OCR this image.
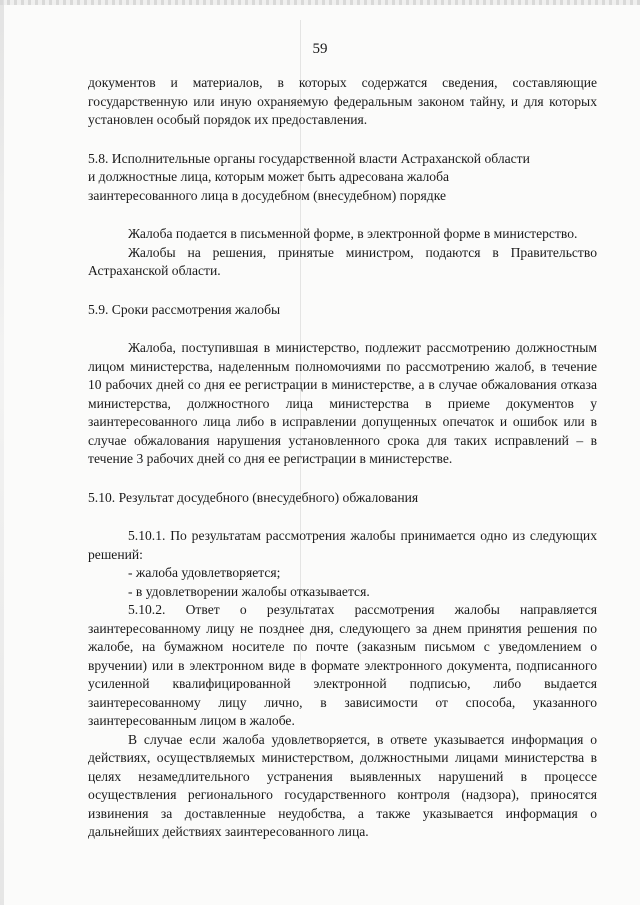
59

документов и материалов, в которых содержатся сведения, составляющие государственную или иную охраняемую федеральным законом тайну, и для которых установлен особый порядок их предоставления.

5.8. Исполнительные органы государственной власти Астраханской области

и должностные лица, которым может быть адресована жалоба

заинтересованного лица в досудебном (внесудебном) порядке

Жалоба подается в письменной форме, в электронной форме в министерство.

Жалобы на решения, принятые министром, подаются в Правительство Астраханской области.

5.9. Сроки рассмотрения жалобы

Жалоба, поступившая в министерство, подлежит рассмотрению должностным лицом министерства, наделенным полномочиями по рассмотрению жалоб, в течение 10 рабочих дней со дня ее регистрации в министерстве, а в случае обжалования отказа министерства, должностного лица министерства в приеме документов у заинтересованного лица либо в исправлении допущенных опечаток и ошибок или в случае обжалования нарушения установленного срока для таких исправлений – в течение 3 рабочих дней со дня ее регистрации в министерстве.

5.10. Результат досудебного (внесудебного) обжалования

5.10.1. По результатам рассмотрения жалобы принимается одно из следующих решений:

- жалоба удовлетворяется;

- в удовлетворении жалобы отказывается.

5.10.2. Ответ о результатах рассмотрения жалобы направляется заинтересованному лицу не позднее дня, следующего за днем принятия решения по жалобе, на бумажном носителе по почте (заказным письмом с уведомлением о вручении) или в электронном виде в формате электронного документа, подписанного усиленной квалифицированной электронной подписью, либо выдается заинтересованному лицу лично, в зависимости от способа, указанного заинтересованным лицом в жалобе.

В случае если жалоба удовлетворяется, в ответе указывается информация о действиях, осуществляемых министерством, должностными лицами министерства в целях незамедлительного устранения выявленных нарушений в процессе осуществления регионального государственного контроля (надзора), приносятся извинения за доставленные неудобства, а также указывается информация о дальнейших действиях заинтересованного лица.
